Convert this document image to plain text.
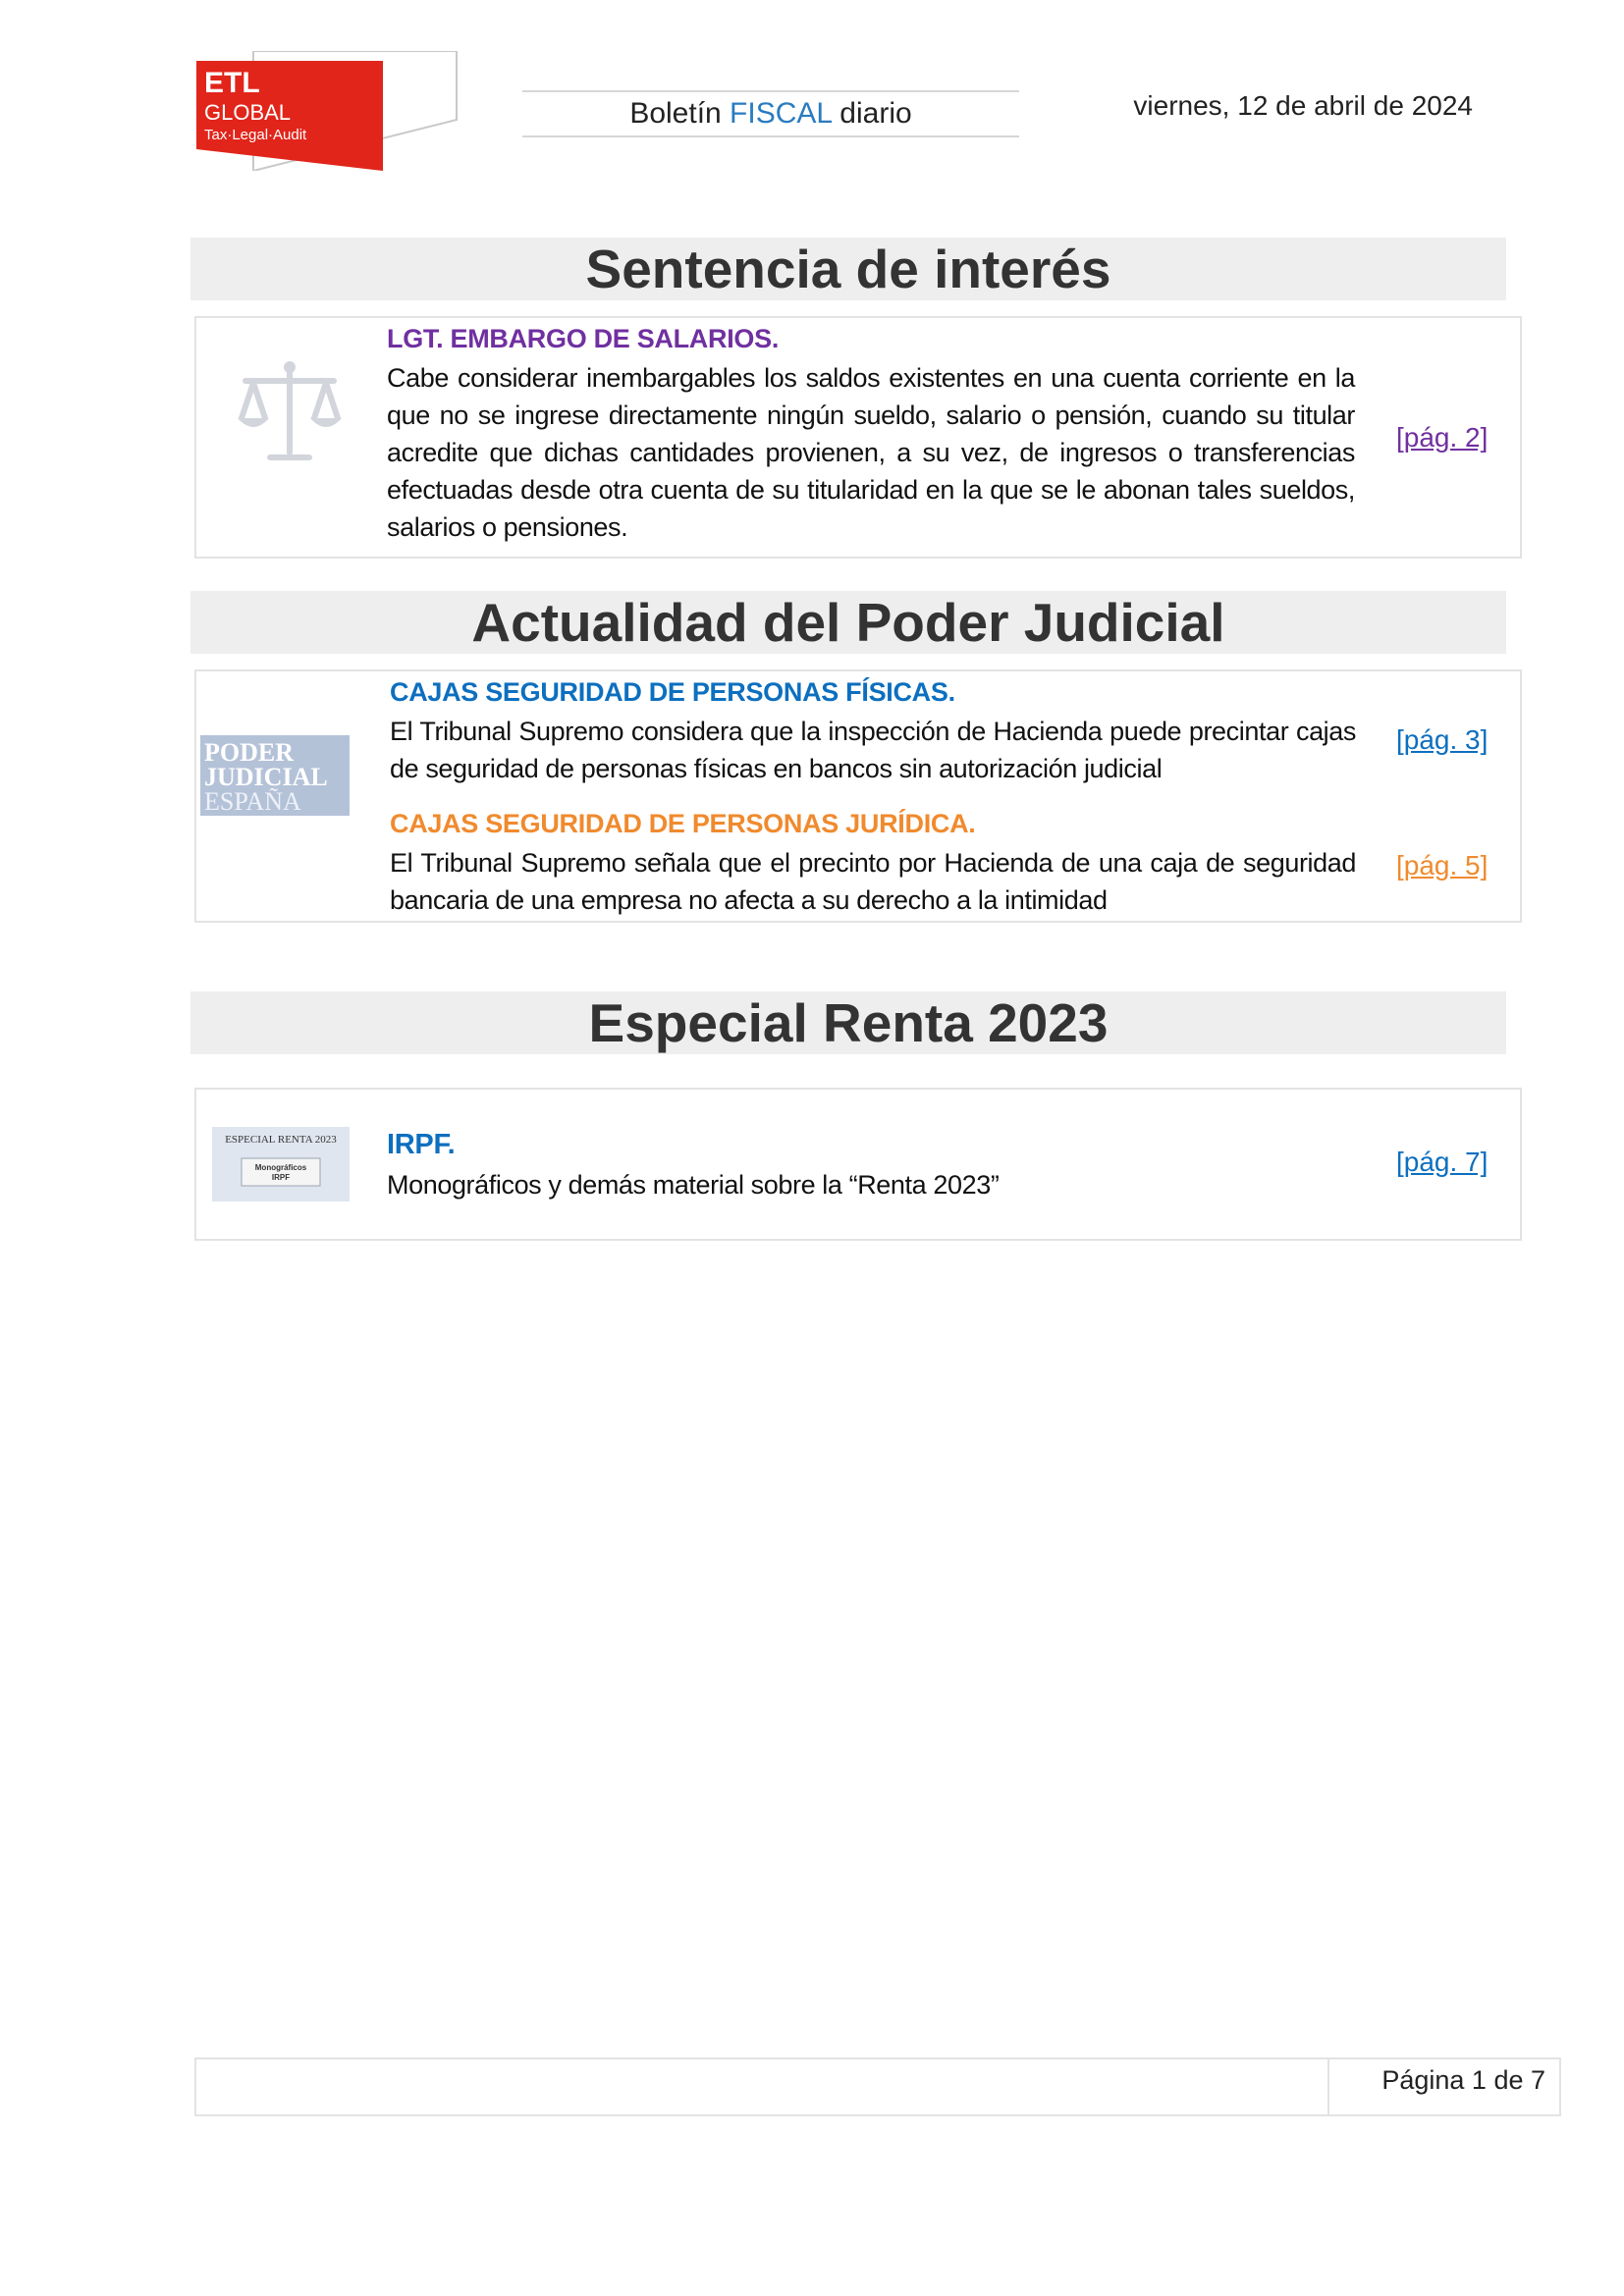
ETL
GLOBAL
Tax·Legal·Audit
Boletín FISCAL diario	viernes, 12 de abril de 2024
Sentencia de interés
LGT. EMBARGO DE SALARIOS.
Cabe considerar inembargables los saldos existentes en una cuenta corriente en la que no se ingrese directamente ningún sueldo, salario o pensión, cuando su titular acredite que dichas cantidades provienen, a su vez, de ingresos o transferencias efectuadas desde otra cuenta de su titularidad en la que se le abonan tales sueldos, salarios o pensiones.
[pág. 2]
Actualidad del Poder Judicial
PODER
JUDICIAL
ESPAÑA
CAJAS SEGURIDAD DE PERSONAS FÍSICAS.
El Tribunal Supremo considera que la inspección de Hacienda puede precintar cajas de seguridad de personas físicas en bancos sin autorización judicial
[pág. 3]
CAJAS SEGURIDAD DE PERSONAS JURÍDICA.
El Tribunal Supremo señala que el precinto por Hacienda de una caja de seguridad bancaria de una empresa no afecta a su derecho a la intimidad
[pág. 5]
Especial Renta 2023
ESPECIAL RENTA 2023
Monográficos
IRPF
IRPF.
Monográficos y demás material sobre la “Renta 2023”
[pág. 7]
Página 1 de 7
